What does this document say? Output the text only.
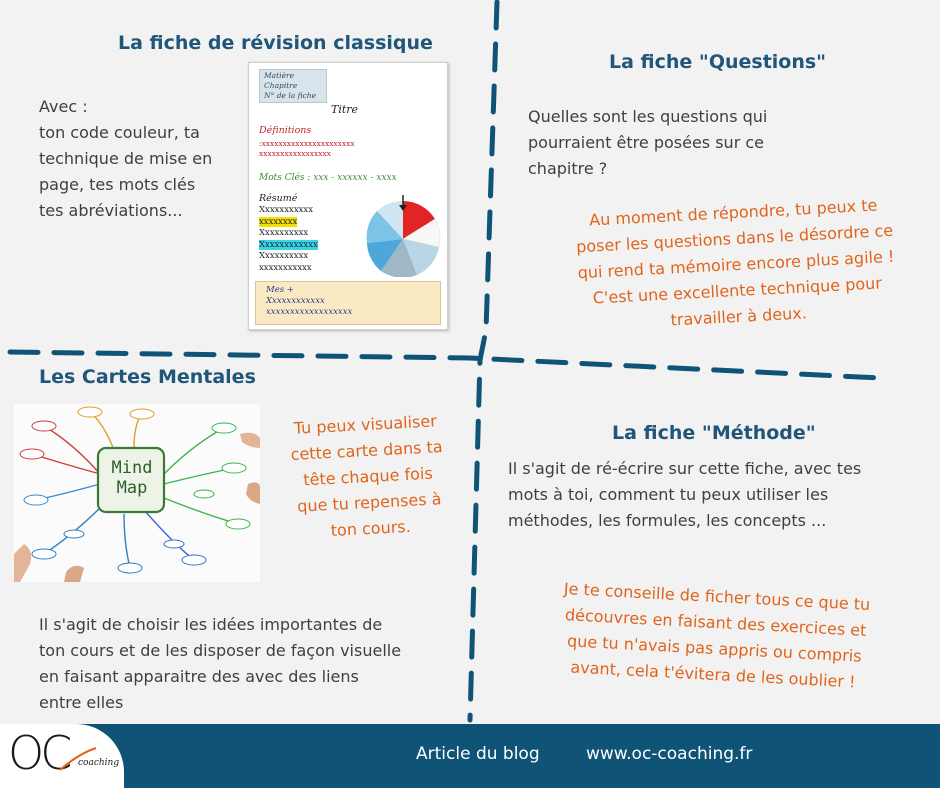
La fiche de révision classique
Avec :
ton code couleur, ta
technique de mise en
page, tes mots clés
tes abréviations...
Matière
Chapitre
N° de la fiche
Titre
Définitions
:xxxxxxxxxxxxxxxxxxxxxx
xxxxxxxxxxxxxxxxx
Mots Clés : xxx - xxxxxx - xxxx
Résumé
Xxxxxxxxxxx
xxxxxxxx
Xxxxxxxxxx
Xxxxxxxxxxxx
Xxxxxxxxxx
xxxxxxxxxxx
Mes +
Xxxxxxxxxxxx
xxxxxxxxxxxxxxxxxx
La fiche "Questions"
Quelles sont les questions qui
pourraient être posées sur ce
chapitre ?
Au moment de répondre, tu peux te
poser les questions dans le désordre ce
qui rend ta mémoire encore plus agile !
C'est une excellente technique pour
travailler à deux.
Les Cartes Mentales
Mind
Map
Tu peux visualiser
cette carte dans ta
tête chaque fois
que tu repenses à
ton cours.
Il s'agit de choisir les idées importantes de
ton cours et de les disposer de façon visuelle
en faisant apparaitre des avec des liens
entre elles
La fiche "Méthode"
Il s'agit de ré-écrire sur cette fiche, avec tes
mots à toi, comment tu peux utiliser les
méthodes, les formules, les concepts ...
Je te conseille de ficher tous ce que tu
découvres en faisant des exercices et
que tu n'avais pas appris ou compris
avant, cela t'évitera de les oublier !
OC coaching	Article du blog	www.oc-coaching.fr
